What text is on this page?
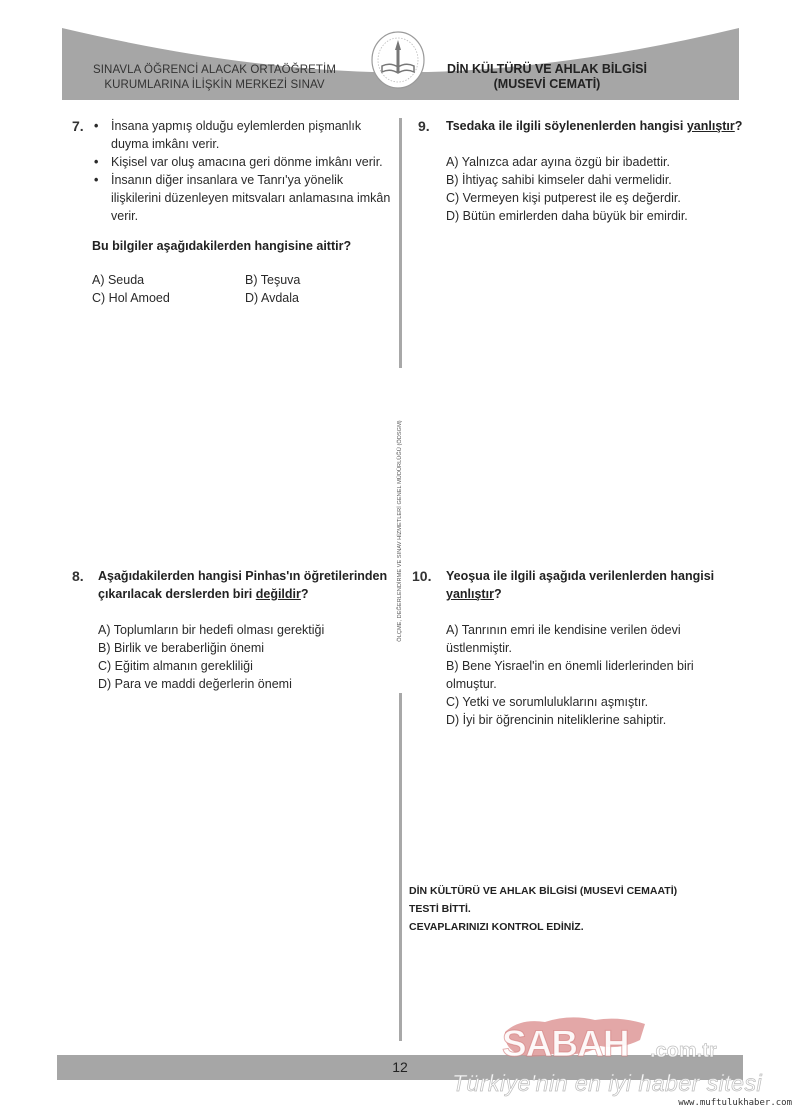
SINAVLA ÖĞRENCİ ALACAK ORTAÖĞRETİM
KURUMLARINA İLİŞKİN MERKEZİ SINAV
DİN KÜLTÜRÜ VE AHLAK BİLGİSİ
(MUSEVİ CEMATİ)
ÖLÇME, DEĞERLENDİRME VE SINAV HİZMETLERİ GENEL MÜDÜRLÜĞÜ (ÖDSGM)
7.	• İnsana yapmış olduğu eylemlerden pişmanlık duyma imkânı verir.
• Kişisel var oluş amacına geri dönme imkânı verir.
• İnsanın diğer insanlara ve Tanrı'ya yönelik ilişkilerini düzenleyen mitsvaları anlamasına imkân verir.
Bu bilgiler aşağıdakilerden hangisine aittir?
A) Seuda	B) Teşuva
C) Hol Amoed	D) Avdala
9. Tsedaka ile ilgili söylenenlerden hangisi yanlıştır?
A) Yalnızca adar ayına özgü bir ibadettir.
B) İhtiyaç sahibi kimseler dahi vermelidir.
C) Vermeyen kişi putperest ile eş değerdir.
D) Bütün emirlerden daha büyük bir emirdir.
8. Aşağıdakilerden hangisi Pinhas'ın öğretilerinden çıkarılacak derslerden biri değildir?
A) Toplumların bir hedefi olması gerektiği
B) Birlik ve beraberliğin önemi
C) Eğitim almanın gerekliliği
D) Para ve maddi değerlerin önemi
10. Yeoşua ile ilgili aşağıda verilenlerden hangisi yanlıştır?
A) Tanrının emri ile kendisine verilen ödevi üstlenmiştir.
B) Bene Yisrael'in en önemli liderlerinden biri olmuştur.
C) Yetki ve sorumluluklarını aşmıştır.
D) İyi bir öğrencinin niteliklerine sahiptir.
DİN KÜLTÜRÜ VE AHLAK BİLGİSİ (MUSEVİ CEMAATİ)
TESTİ BİTTİ.
CEVAPLARINIZI KONTROL EDİNİZ.
12
SABAH .com.tr
Türkiye'nin en iyi haber sitesi
www.muftulukhaber.com
